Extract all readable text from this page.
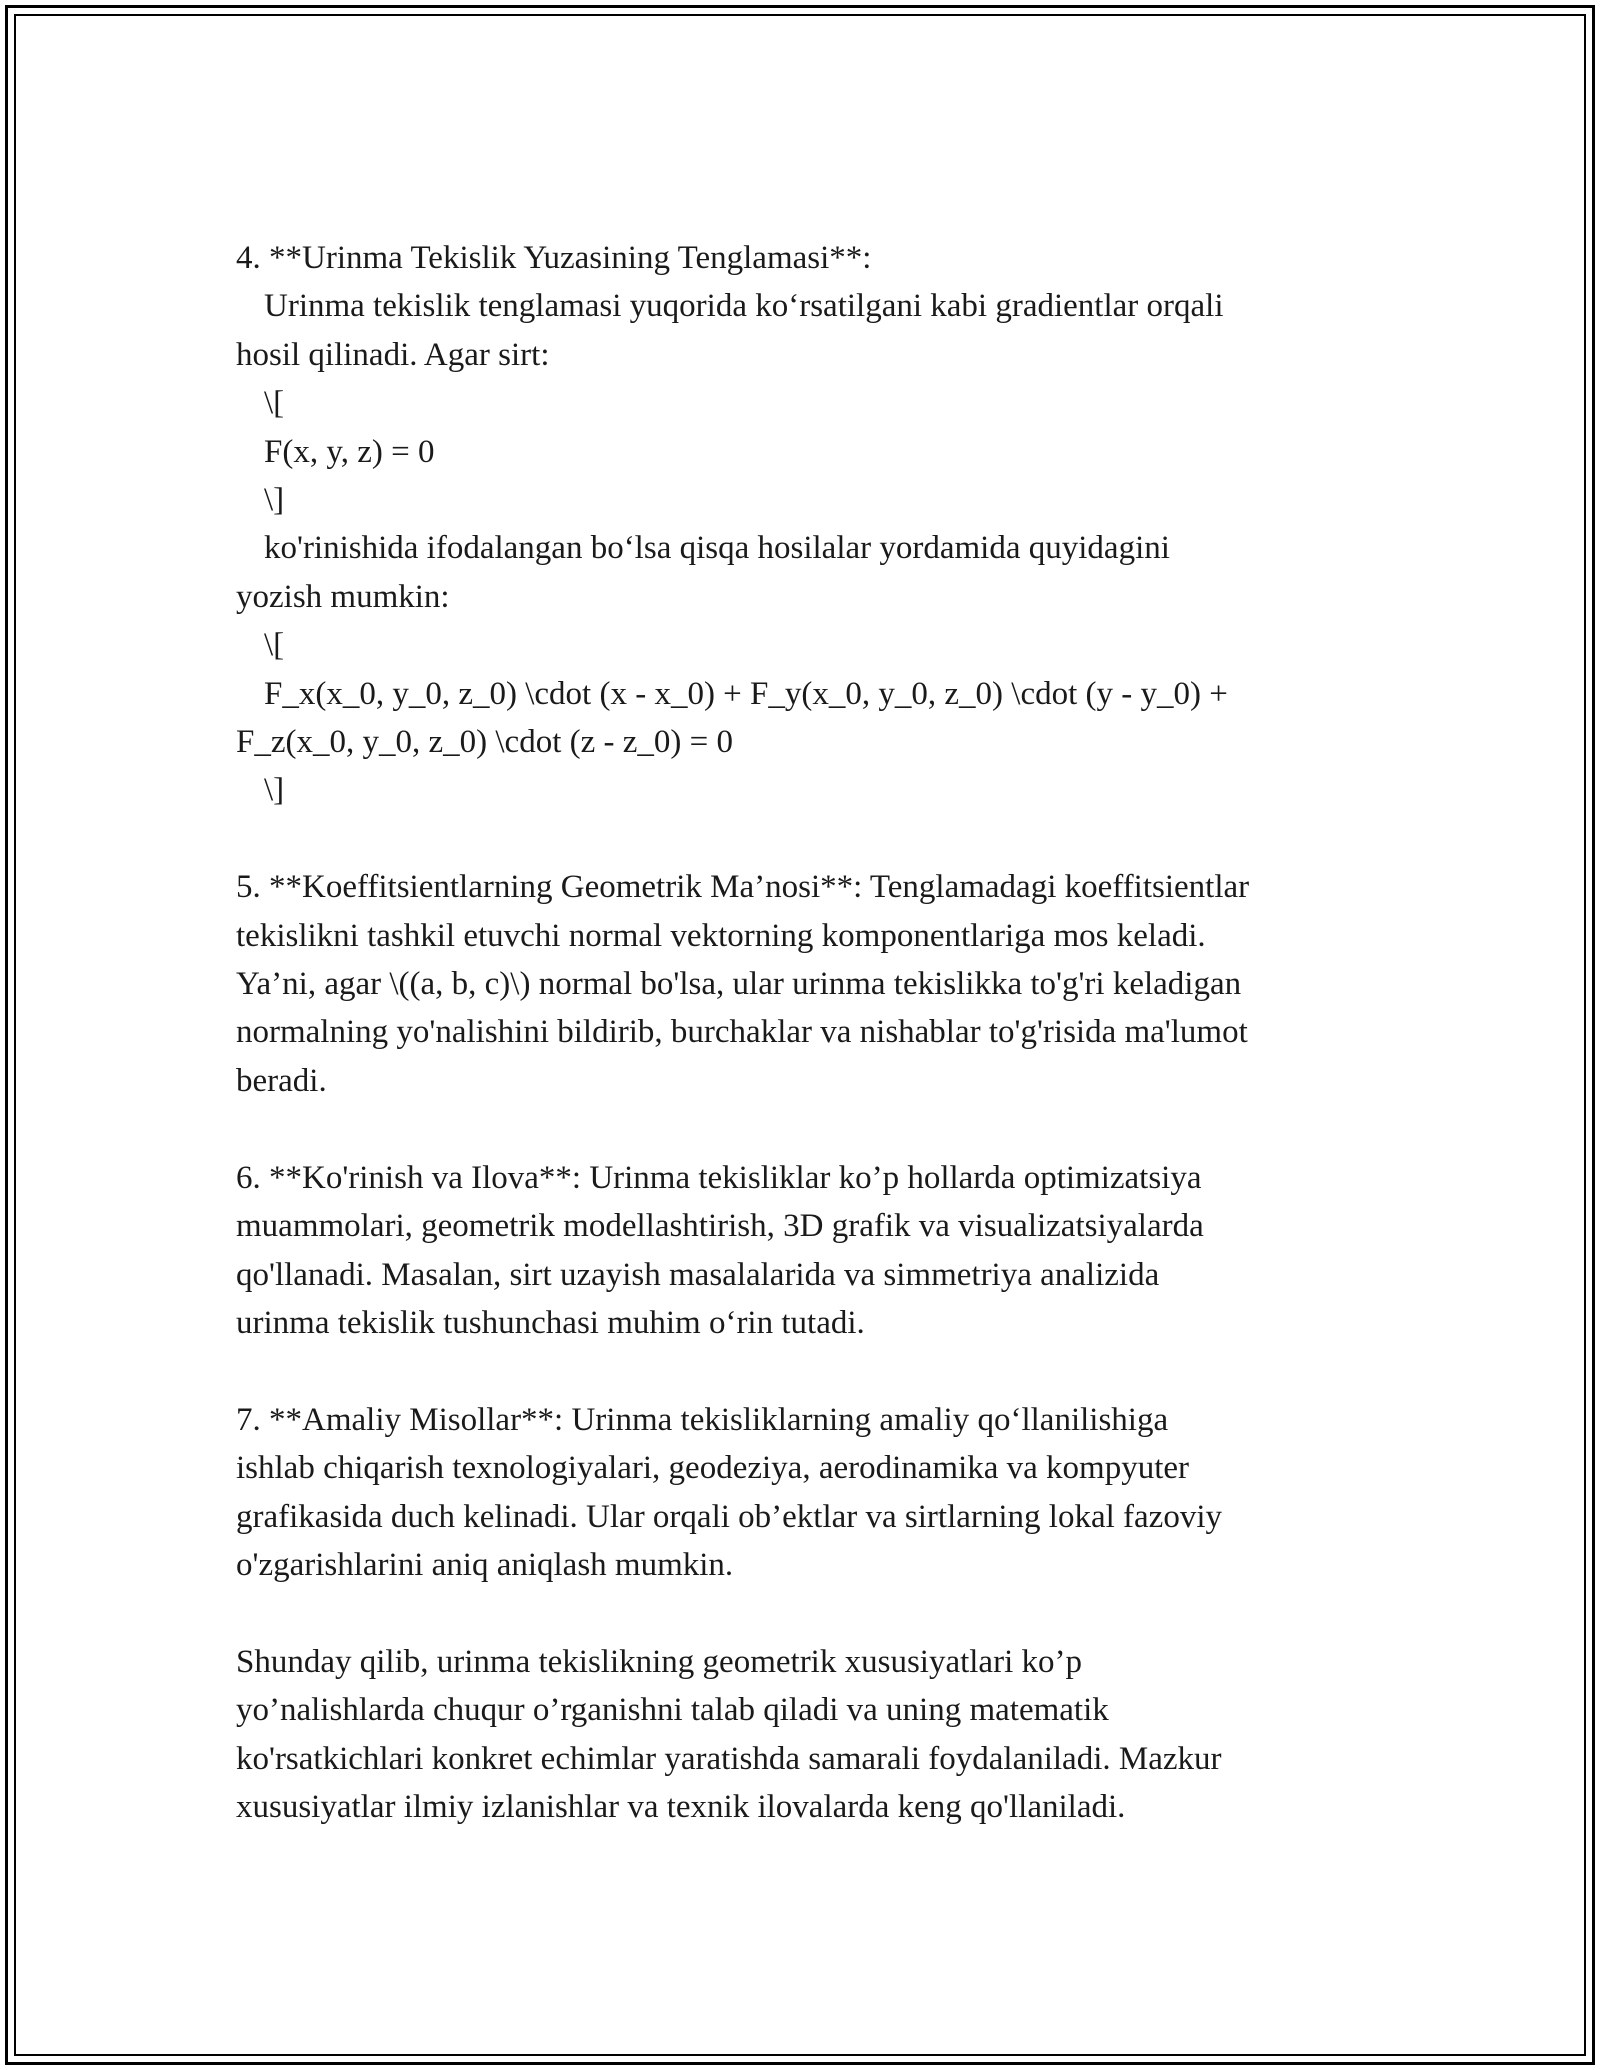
4. **Urinma Tekislik Yuzasining Tenglamasi**:
Urinma tekislik tenglamasi yuqorida ko‘rsatilgani kabi gradientlar orqali
hosil qilinadi. Agar sirt:
\[
F(x, y, z) = 0
\]
ko'rinishida ifodalangan bo‘lsa qisqa hosilalar yordamida quyidagini
yozish mumkin:
\[
F_x(x_0, y_0, z_0) \cdot (x - x_0) + F_y(x_0, y_0, z_0) \cdot (y - y_0) +
F_z(x_0, y_0, z_0) \cdot (z - z_0) = 0
\]
5. **Koeffitsientlarning Geometrik Ma’nosi**: Tenglamadagi koeffitsientlar
tekislikni tashkil etuvchi normal vektorning komponentlariga mos keladi.
Ya’ni, agar \((a, b, c)\) normal bo'lsa, ular urinma tekislikka to'g'ri keladigan
normalning yo'nalishini bildirib, burchaklar va nishablar to'g'risida ma'lumot
beradi.
6. **Ko'rinish va Ilova**: Urinma tekisliklar ko’p hollarda optimizatsiya
muammolari, geometrik modellashtirish, 3D grafik va visualizatsiyalarda
qo'llanadi. Masalan, sirt uzayish masalalarida va simmetriya analizida
urinma tekislik tushunchasi muhim o‘rin tutadi.
7. **Amaliy Misollar**: Urinma tekisliklarning amaliy qo‘llanilishiga
ishlab chiqarish texnologiyalari, geodeziya, aerodinamika va kompyuter
grafikasida duch kelinadi. Ular orqali ob’ektlar va sirtlarning lokal fazoviy
o'zgarishlarini aniq aniqlash mumkin.
Shunday qilib, urinma tekislikning geometrik xususiyatlari ko’p
yo’nalishlarda chuqur o’rganishni talab qiladi va uning matematik
ko'rsatkichlari konkret echimlar yaratishda samarali foydalaniladi. Mazkur
xususiyatlar ilmiy izlanishlar va texnik ilovalarda keng qo'llaniladi.
